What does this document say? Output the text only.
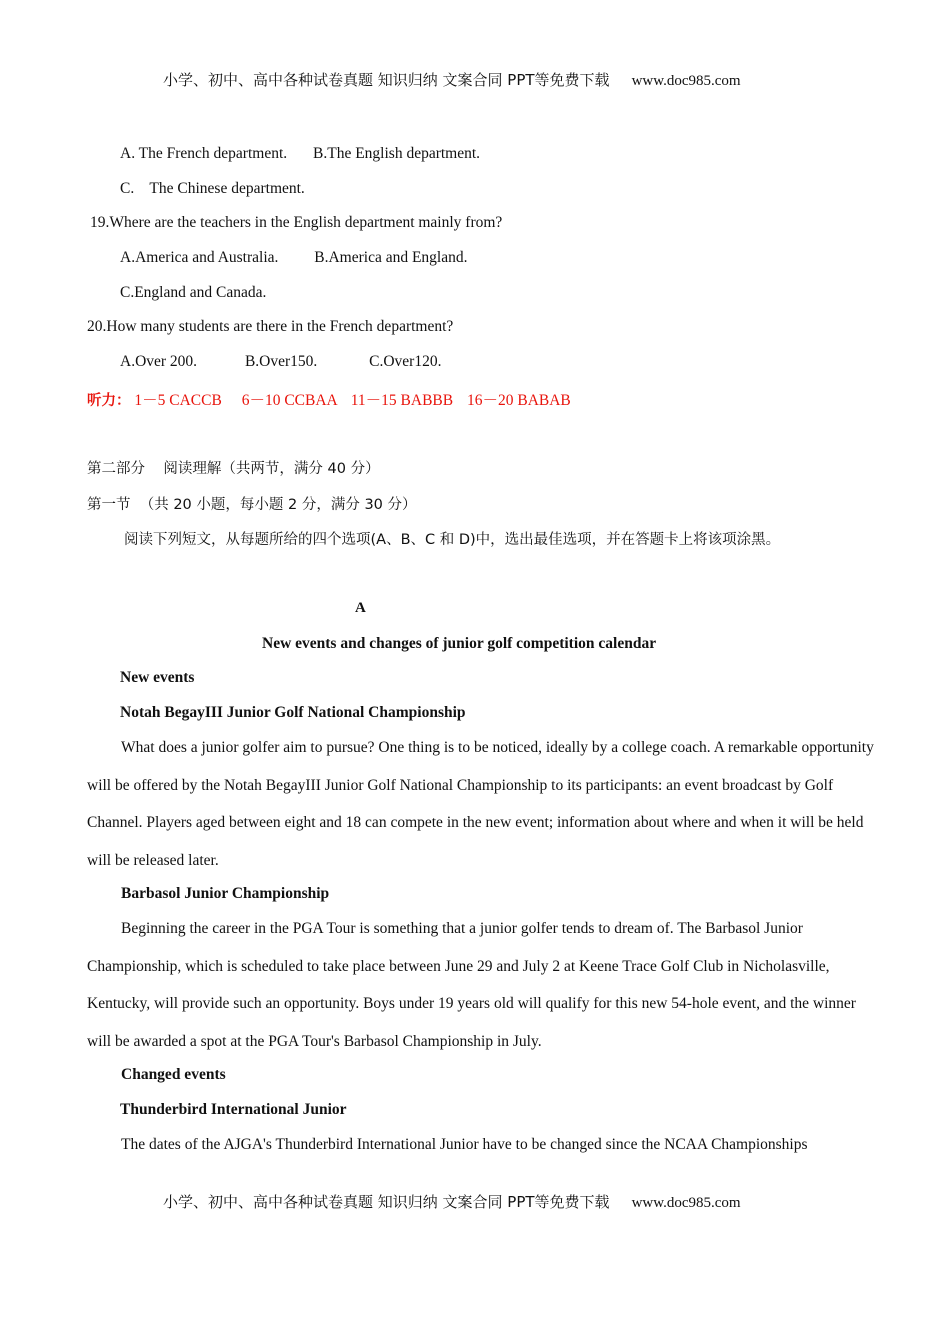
小学、初中、高中各种试卷真题 知识归纳 文案合同 PPT等免费下载 www.doc985.com
A. The French department. B.The English department.
C.    The Chinese department.
19.Where are the teachers in the English department mainly from?
A.America and Australia. B.America and England.
C.England and Canada.
20.How many students are there in the French department?
A.Over 200.	B.Over150.	C.Over120.
听力： 1－5 CACCB 6－10 CCBAA 11－15 BABBB 16－20 BABAB
第二部分    阅读理解（共两节，满分 40 分）
第一节  （共 20 小题，每小题 2 分，满分 30 分）
阅读下列短文，从每题所给的四个选项(A、B、C 和 D)中，选出最佳选项，并在答题卡上将该项涂黑。
A
New events and changes of junior golf competition calendar
New events
Notah BegayIII Junior Golf National Championship

What does a junior golfer aim to pursue? One thing is to be noticed, ideally by a college coach. A remarkable opportunity will be offered by the Notah BegayIII Junior Golf National Championship to its participants: an event broadcast by Golf Channel. Players aged between eight and 18 can compete in the new event; information about where and when it will be held will be released later.

Barbasol Junior Championship

Beginning the career in the PGA Tour is something that a junior golfer tends to dream of. The Barbasol Junior Championship, which is scheduled to take place between June 29 and July 2 at Keene Trace Golf Club in Nicholasville, Kentucky, will provide such an opportunity. Boys under 19 years old will qualify for this new 54-hole event, and the winner will be awarded a spot at the PGA Tour's Barbasol Championship in July.

Changed events
Thunderbird International Junior

The dates of the AJGA's Thunderbird International Junior have to be changed since the NCAA Championships

小学、初中、高中各种试卷真题 知识归纳 文案合同 PPT等免费下载 www.doc985.com
